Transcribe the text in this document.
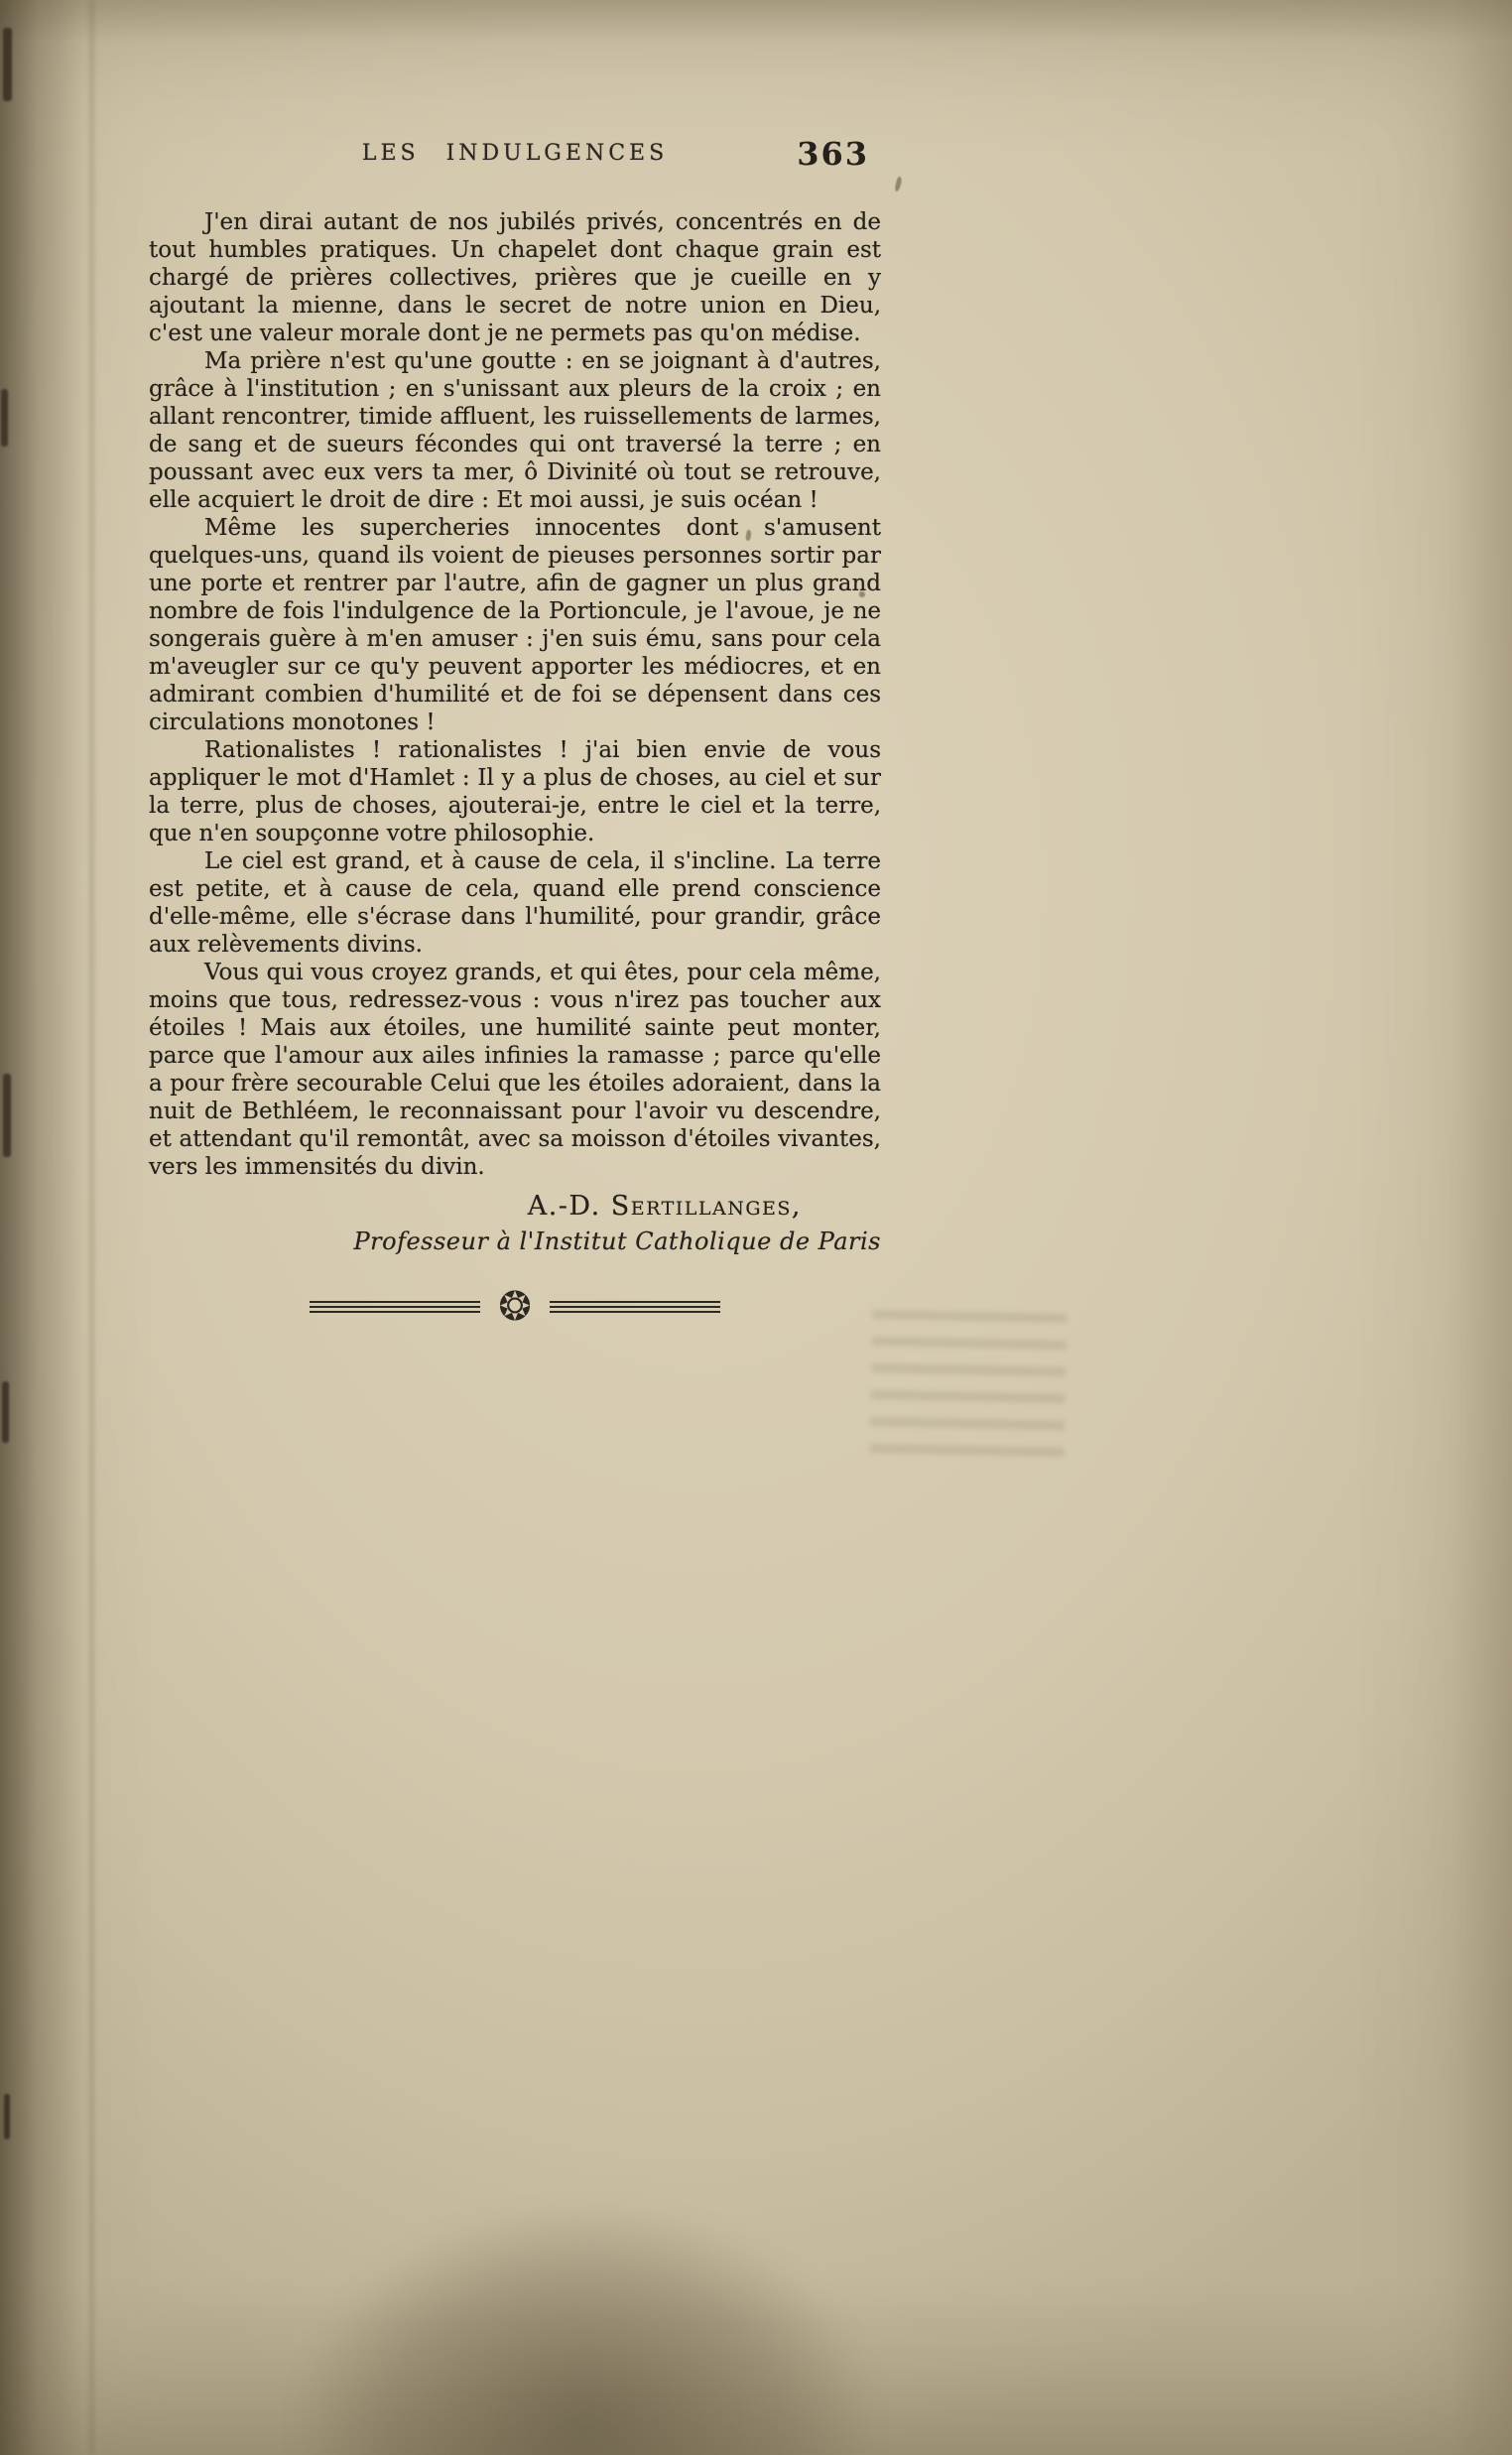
LES INDULGENCES	363

J'en dirai autant de nos jubilés privés, concentrés en de tout humbles pratiques. Un chapelet dont chaque grain est chargé de prières collectives, prières que je cueille en y ajoutant la mienne, dans le secret de notre union en Dieu, c'est une valeur morale dont je ne permets pas qu'on médise.

Ma prière n'est qu'une goutte : en se joignant à d'autres, grâce à l'institution ; en s'unissant aux pleurs de la croix ; en allant rencontrer, timide affluent, les ruissellements de larmes, de sang et de sueurs fécondes qui ont traversé la terre ; en poussant avec eux vers ta mer, ô Divinité où tout se retrouve, elle acquiert le droit de dire : Et moi aussi, je suis océan !

Même les supercheries innocentes dont s'amusent quelques-uns, quand ils voient de pieuses personnes sortir par une porte et rentrer par l'autre, afin de gagner un plus grand nombre de fois l'indulgence de la Portioncule, je l'avoue, je ne songerais guère à m'en amuser : j'en suis ému, sans pour cela m'aveugler sur ce qu'y peuvent apporter les médiocres, et en admirant combien d'humilité et de foi se dépensent dans ces circulations monotones !

Rationalistes ! rationalistes ! j'ai bien envie de vous appliquer le mot d'Hamlet : Il y a plus de choses, au ciel et sur la terre, plus de choses, ajouterai-je, entre le ciel et la terre, que n'en soupçonne votre philosophie.

Le ciel est grand, et à cause de cela, il s'incline. La terre est petite, et à cause de cela, quand elle prend conscience d'elle-même, elle s'écrase dans l'humilité, pour grandir, grâce aux relèvements divins.

Vous qui vous croyez grands, et qui êtes, pour cela même, moins que tous, redressez-vous : vous n'irez pas toucher aux étoiles ! Mais aux étoiles, une humilité sainte peut monter, parce que l'amour aux ailes infinies la ramasse ; parce qu'elle a pour frère secourable Celui que les étoiles adoraient, dans la nuit de Bethléem, le reconnaissant pour l'avoir vu descendre, et attendant qu'il remontât, avec sa moisson d'étoiles vivantes, vers les immensités du divin.

A.-D. Sertillanges,
Professeur à l'Institut Catholique de Paris
❂
